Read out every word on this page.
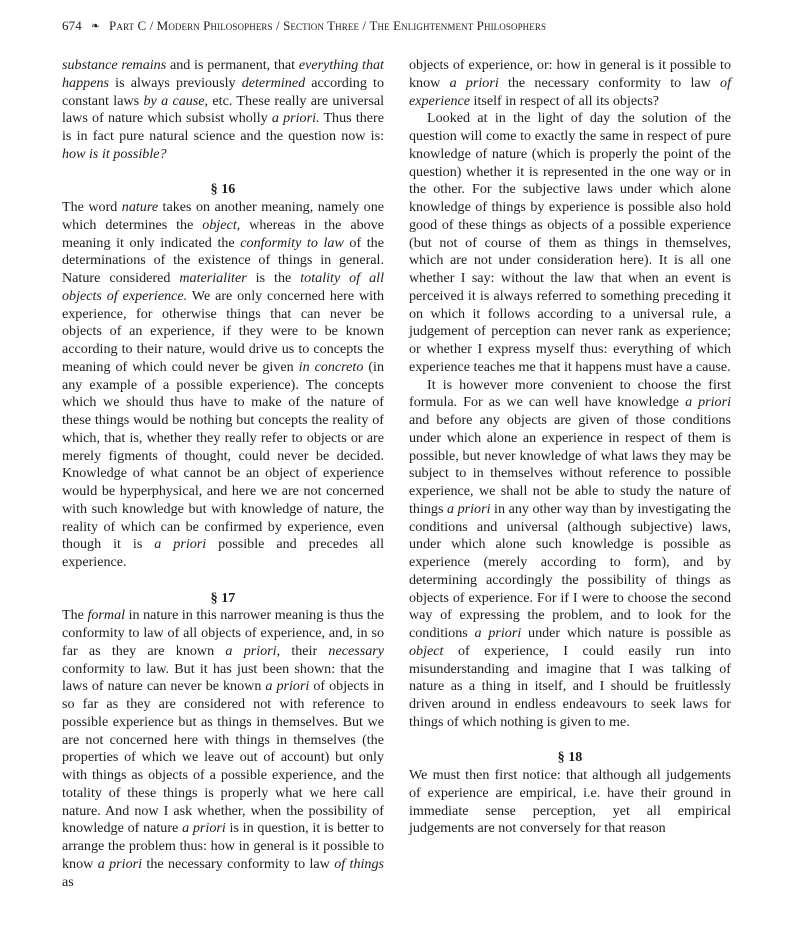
674 ❧ Part C / Modern Philosophers / Section Three / The Enlightenment Philosophers

substance remains and is permanent, that everything that happens is always previously determined according to constant laws by a cause, etc. These really are universal laws of nature which subsist wholly a priori. Thus there is in fact pure natural science and the question now is: how is it possible?

§ 16

The word nature takes on another meaning, namely one which determines the object, whereas in the above meaning it only indicated the conformity to law of the determinations of the existence of things in general. Nature considered materialiter is the totality of all objects of experience. We are only concerned here with experience, for otherwise things that can never be objects of an experience, if they were to be known according to their nature, would drive us to concepts the meaning of which could never be given in concreto (in any example of a possible experience). The concepts which we should thus have to make of the nature of these things would be nothing but concepts the reality of which, that is, whether they really refer to objects or are merely figments of thought, could never be decided. Knowledge of what cannot be an object of experience would be hyperphysical, and here we are not concerned with such knowledge but with knowledge of nature, the reality of which can be confirmed by experience, even though it is a priori possible and precedes all experience.

§ 17

The formal in nature in this narrower meaning is thus the conformity to law of all objects of experience, and, in so far as they are known a priori, their necessary conformity to law. But it has just been shown: that the laws of nature can never be known a priori of objects in so far as they are considered not with reference to possible experience but as things in themselves. But we are not concerned here with things in themselves (the properties of which we leave out of account) but only with things as objects of a possible experience, and the totality of these things is properly what we here call nature. And now I ask whether, when the possibility of knowledge of nature a priori is in question, it is better to arrange the problem thus: how in general is it possible to know a priori the necessary conformity to law of things as

objects of experience, or: how in general is it possible to know a priori the necessary conformity to law of experience itself in respect of all its objects?

Looked at in the light of day the solution of the question will come to exactly the same in respect of pure knowledge of nature (which is properly the point of the question) whether it is represented in the one way or in the other. For the subjective laws under which alone knowledge of things by experience is possible also hold good of these things as objects of a possible experience (but not of course of them as things in themselves, which are not under consideration here). It is all one whether I say: without the law that when an event is perceived it is always referred to something preceding it on which it follows according to a universal rule, a judgement of perception can never rank as experience; or whether I express myself thus: everything of which experience teaches me that it happens must have a cause.

It is however more convenient to choose the first formula. For as we can well have knowledge a priori and before any objects are given of those conditions under which alone an experience in respect of them is possible, but never knowledge of what laws they may be subject to in themselves without reference to possible experience, we shall not be able to study the nature of things a priori in any other way than by investigating the conditions and universal (although subjective) laws, under which alone such knowledge is possible as experience (merely according to form), and by determining accordingly the possibility of things as objects of experience. For if I were to choose the second way of expressing the problem, and to look for the conditions a priori under which nature is possible as object of experience, I could easily run into misunderstanding and imagine that I was talking of nature as a thing in itself, and I should be fruitlessly driven around in endless endeavours to seek laws for things of which nothing is given to me.

§ 18

We must then first notice: that although all judgements of experience are empirical, i.e. have their ground in immediate sense perception, yet all empirical judgements are not conversely for that reason
